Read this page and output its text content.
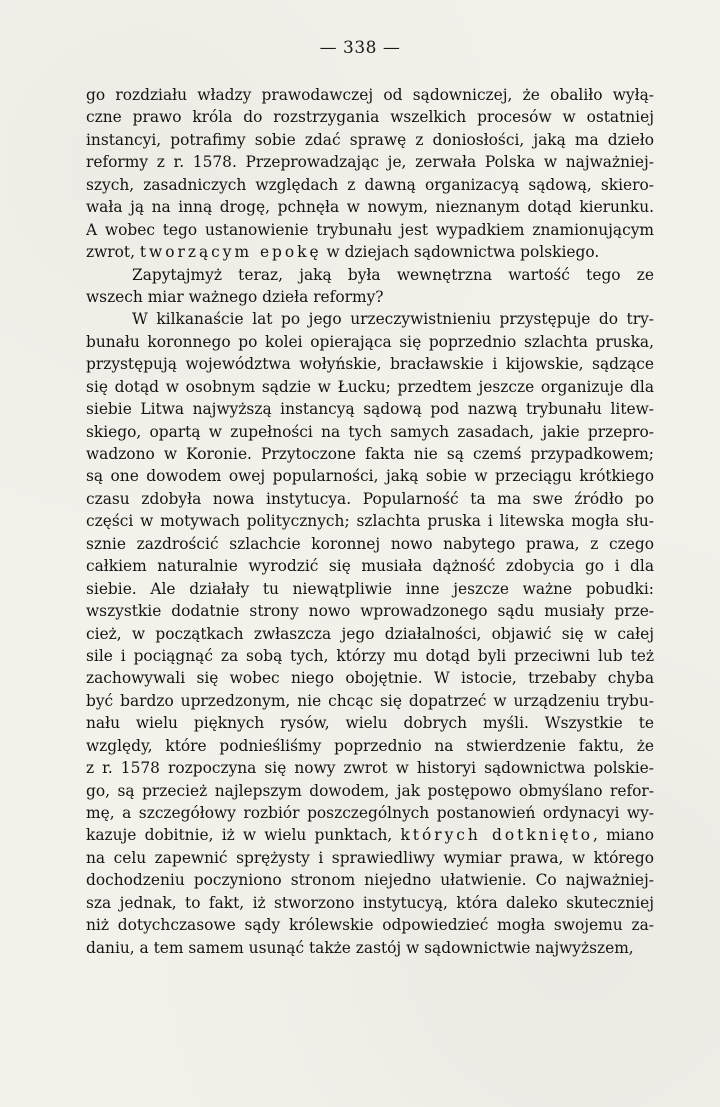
— 338 —
go rozdziału władzy prawodawczej od sądowniczej, że obaliło wyłą-
czne prawo króla do rozstrzygania wszelkich procesów w ostatniej
instancyi, potrafimy sobie zdać sprawę z doniosłości, jaką ma dzieło
reformy z r. 1578. Przeprowadzając je, zerwała Polska w najważniej-
szych, zasadniczych względach z dawną organizacyą sądową, skiero-
wała ją na inną drogę, pchnęła w nowym, nieznanym dotąd kierunku.
A wobec tego ustanowienie trybunału jest wypadkiem znamionującym
zwrot, tworzącym epokę w dziejach sądownictwa polskiego.
Zapytajmyż teraz, jaką była wewnętrzna wartość tego ze
wszech miar ważnego dzieła reformy?
W kilkanaście lat po jego urzeczywistnieniu przystępuje do try-
bunału koronnego po kolei opierająca się poprzednio szlachta pruska,
przystępują województwa wołyńskie, bracławskie i kijowskie, sądzące
się dotąd w osobnym sądzie w Łucku; przedtem jeszcze organizuje dla
siebie Litwa najwyższą instancyą sądową pod nazwą trybunału litew-
skiego, opartą w zupełności na tych samych zasadach, jakie przepro-
wadzono w Koronie. Przytoczone fakta nie są czemś przypadkowem;
są one dowodem owej popularności, jaką sobie w przeciągu krótkiego
czasu zdobyła nowa instytucya. Popularność ta ma swe źródło po
części w motywach politycznych; szlachta pruska i litewska mogła słu-
sznie zazdrościć szlachcie koronnej nowo nabytego prawa, z czego
całkiem naturalnie wyrodzić się musiała dążność zdobycia go i dla
siebie. Ale działały tu niewątpliwie inne jeszcze ważne pobudki:
wszystkie dodatnie strony nowo wprowadzonego sądu musiały prze-
cież, w początkach zwłaszcza jego działalności, objawić się w całej
sile i pociągnąć za sobą tych, którzy mu dotąd byli przeciwni lub też
zachowywali się wobec niego obojętnie. W istocie, trzebaby chyba
być bardzo uprzedzonym, nie chcąc się dopatrzeć w urządzeniu trybu-
nału wielu pięknych rysów, wielu dobrych myśli. Wszystkie te
względy, które podnieśliśmy poprzednio na stwierdzenie faktu, że
z r. 1578 rozpoczyna się nowy zwrot w historyi sądownictwa polskie-
go, są przecież najlepszym dowodem, jak postępowo obmyślano refor-
mę, a szczegółowy rozbiór poszczególnych postanowień ordynacyi wy-
kazuje dobitnie, iż w wielu punktach, których dotknięto, miano
na celu zapewnić sprężysty i sprawiedliwy wymiar prawa, w którego
dochodzeniu poczyniono stronom niejedno ułatwienie. Co najważniej-
sza jednak, to fakt, iż stworzono instytucyą, która daleko skuteczniej
niż dotychczasowe sądy królewskie odpowiedzieć mogła swojemu za-
daniu, a tem samem usunąć także zastój w sądownictwie najwyższem,
